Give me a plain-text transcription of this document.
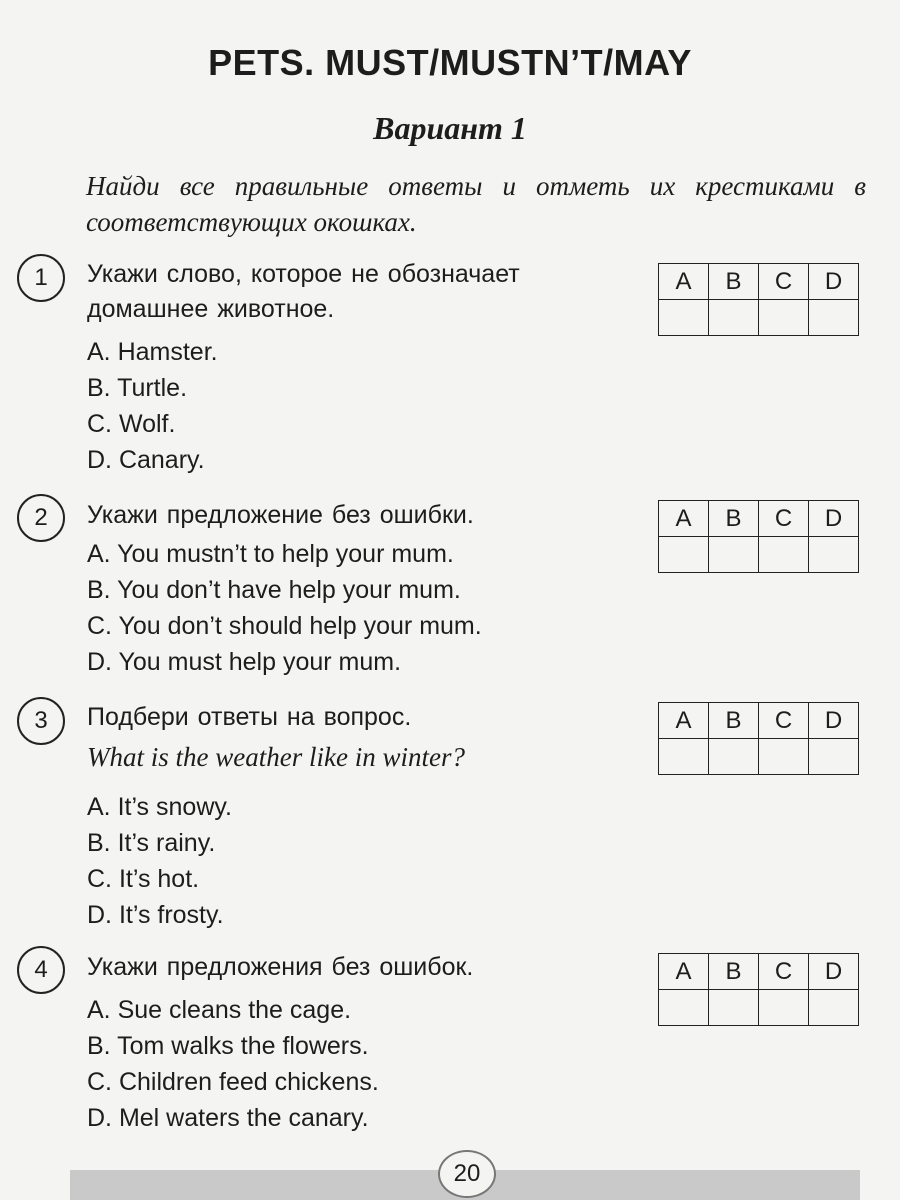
PETS. MUST/MUSTN’T/MAY
Вариант 1
Найди все правильные ответы и отметь их крестиками в соответствующих окошках.
1	Укажи слово, которое не обозначает домашнее животное.
A. Hamster.
B. Turtle.
C. Wolf.
D. Canary.
A	B	C	D

2	Укажи предложение без ошибки.
A. You mustn’t to help your mum.
B. You don’t have help your mum.
C. You don’t should help your mum.
D. You must help your mum.
A	B	C	D

3	Подбери ответы на вопрос.
What is the weather like in winter?
A. It’s snowy.
B. It’s rainy.
C. It’s hot.
D. It’s frosty.
A	B	C	D

4	Укажи предложения без ошибок.
A. Sue cleans the cage.
B. Tom walks the flowers.
C. Children feed chickens.
D. Mel waters the canary.
A	B	C	D

20
